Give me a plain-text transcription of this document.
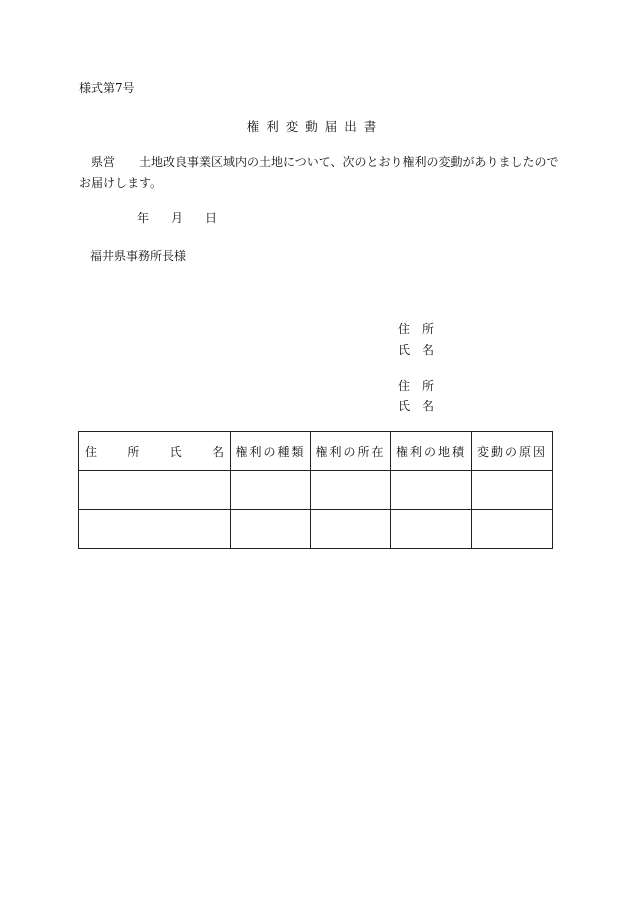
様式第7号
権利変動届出書
県営 土地改良事業区域内の土地について、次のとおり権利の変動がありましたので
お届けします。
年 月 日
福井県事務所長様
住　所
氏　名
住　所
氏　名
住 所 氏 名	権利の種類	権利の所在	権利の地積	変動の原因
